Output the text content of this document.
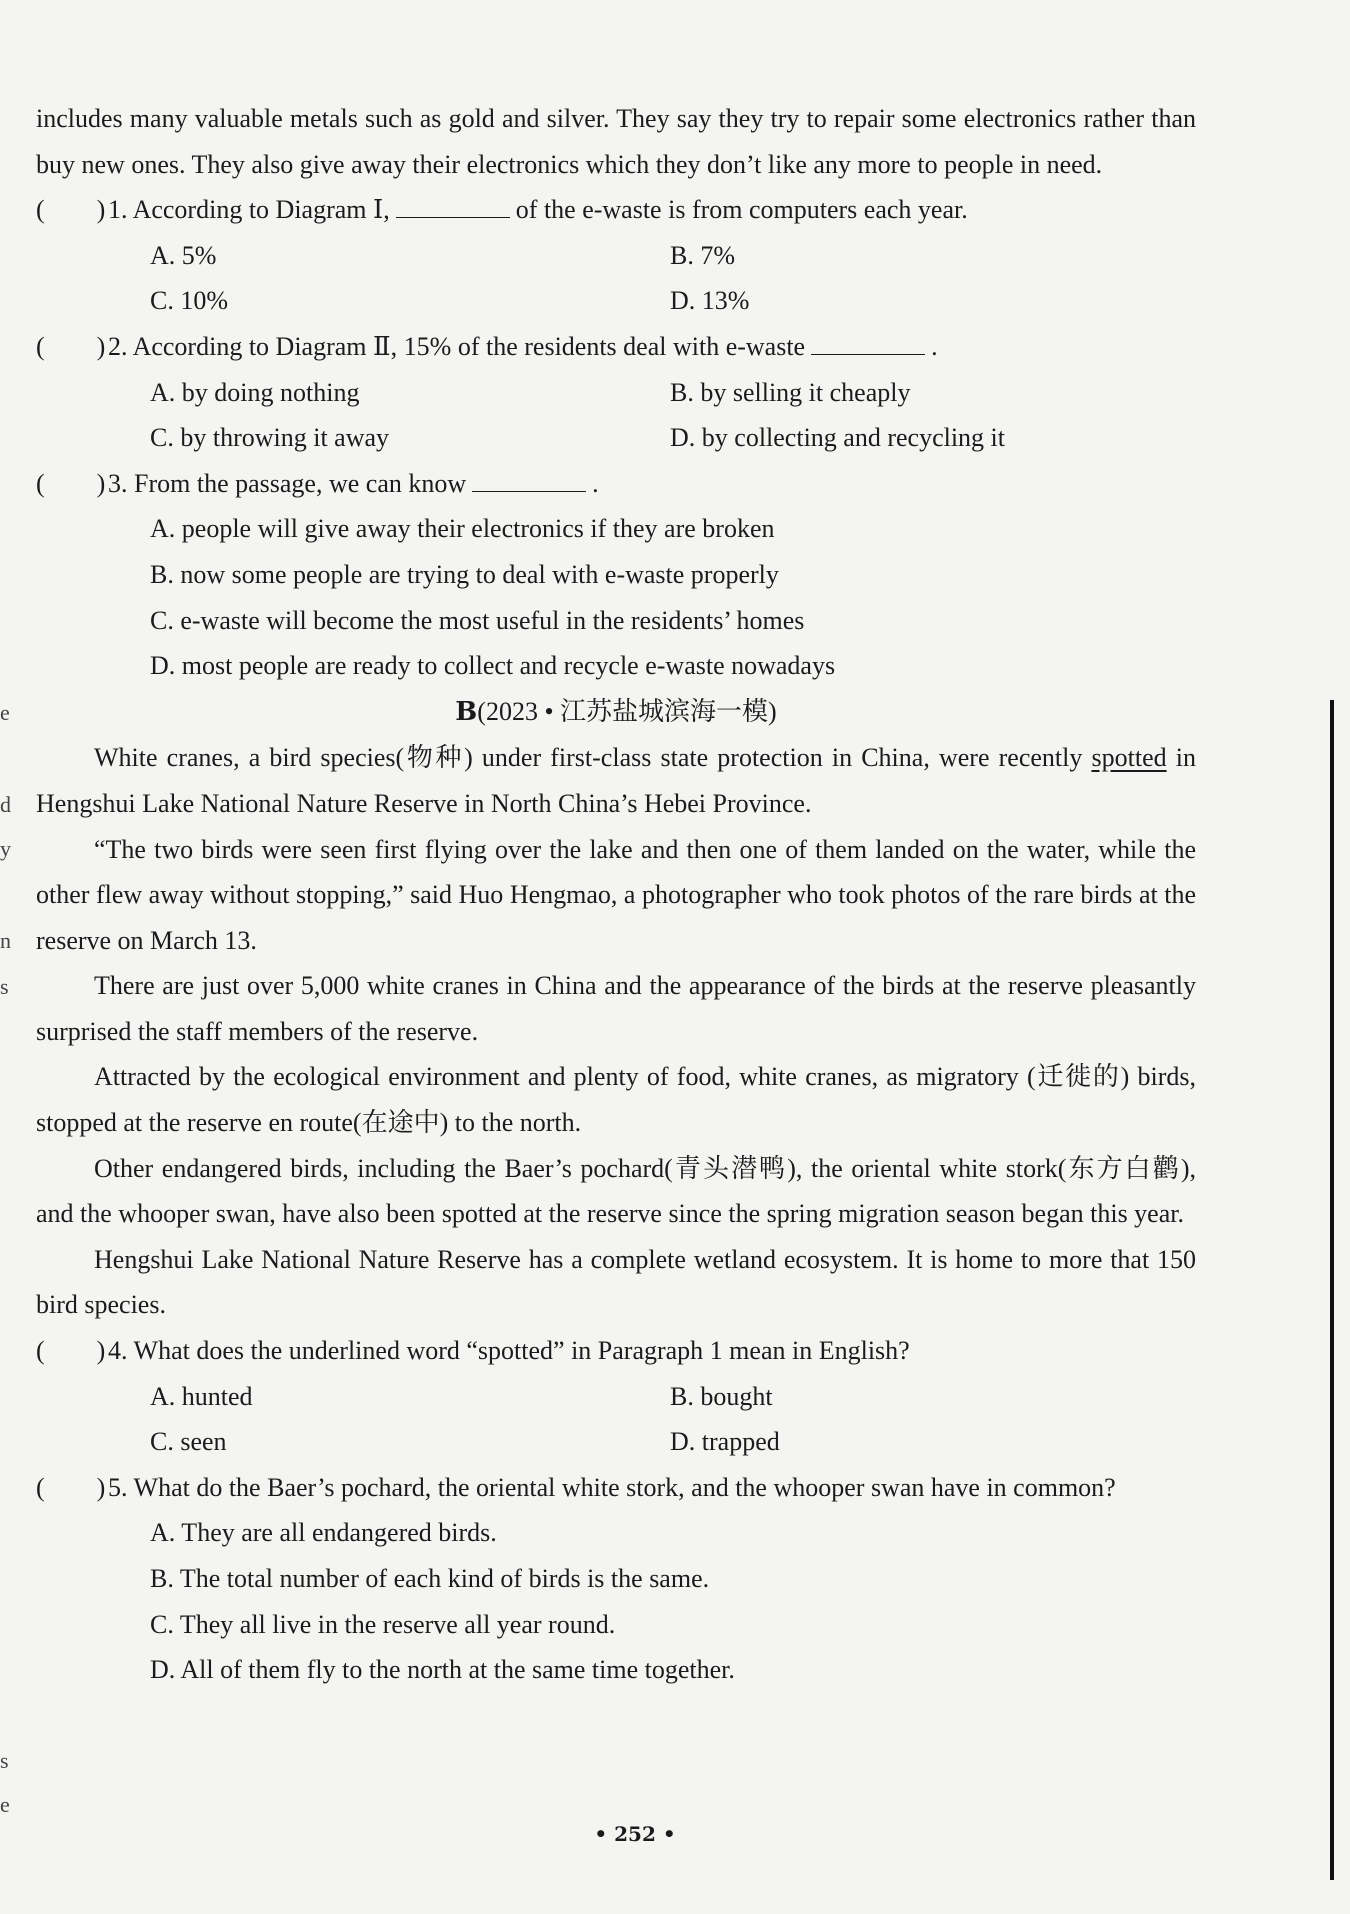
includes many valuable metals such as gold and silver. They say they try to repair some electronics rather than buy new ones. They also give away their electronics which they don’t like any more to people in need.

(   ) 1. According to Diagram Ⅰ,	of the e-waste is from computers each year.
A. 5%	B. 7%
C. 10%	D. 13%
(   ) 2. According to Diagram Ⅱ, 15% of the residents deal with e-waste	.
A. by doing nothing	B. by selling it cheaply
C. by throwing it away	D. by collecting and recycling it
(   ) 3. From the passage, we can know	.
A. people will give away their electronics if they are broken
B. now some people are trying to deal with e-waste properly
C. e-waste will become the most useful in the residents’ homes
D. most people are ready to collect and recycle e-waste nowadays

B(2023 • 江苏盐城滨海一模)

White cranes, a bird species(物种) under first-class state protection in China, were recently spotted in Hengshui Lake National Nature Reserve in North China’s Hebei Province.

“The two birds were seen first flying over the lake and then one of them landed on the water, while the other flew away without stopping,” said Huo Hengmao, a photographer who took photos of the rare birds at the reserve on March 13.

There are just over 5,000 white cranes in China and the appearance of the birds at the reserve pleasantly surprised the staff members of the reserve.

Attracted by the ecological environment and plenty of food, white cranes, as migratory (迁徙的) birds, stopped at the reserve en route(在途中) to the north.

Other endangered birds, including the Baer’s pochard(青头潜鸭), the oriental white stork(东方白鹳), and the whooper swan, have also been spotted at the reserve since the spring migration season began this year.

Hengshui Lake National Nature Reserve has a complete wetland ecosystem. It is home to more that 150 bird species.

(   ) 4. What does the underlined word “spotted” in Paragraph 1 mean in English?
A. hunted	B. bought
C. seen	D. trapped
(   ) 5. What do the Baer’s pochard, the oriental white stork, and the whooper swan have in common?
A. They are all endangered birds.
B. The total number of each kind of birds is the same.
C. They all live in the reserve all year round.
D. All of them fly to the north at the same time together.
e
d
y
n
s
s
e
• 252 •
